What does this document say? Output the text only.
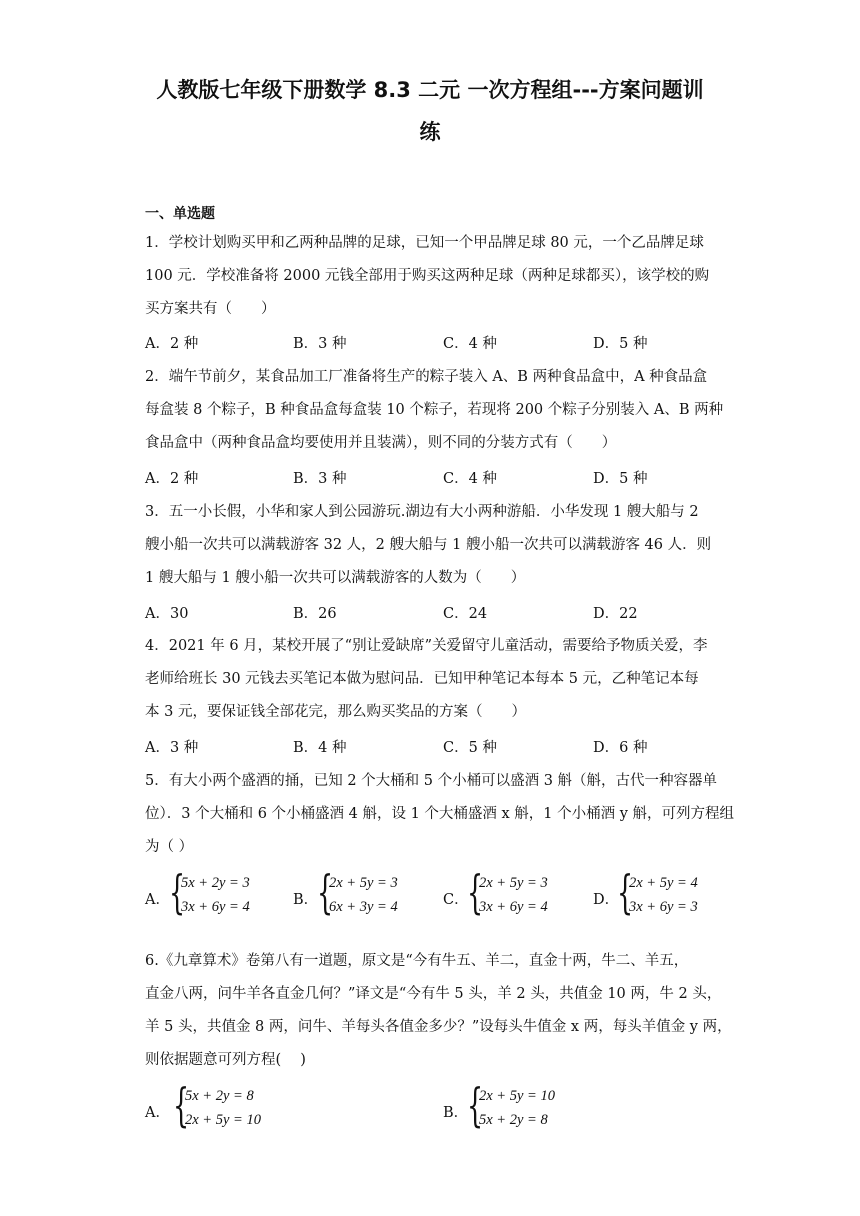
人教版七年级下册数学 8.3 二元 一次方程组---方案问题训
练
一、单选题
1．学校计划购买甲和乙两种品牌的足球，已知一个甲品牌足球 80 元，一个乙品牌足球
100 元．学校准备将 2000 元钱全部用于购买这两种足球（两种足球都买），该学校的购
买方案共有（　　）
A．2 种	B．3 种	C．4 种	D．5 种
2．端午节前夕，某食品加工厂准备将生产的粽子装入 A、B 两种食品盒中，A 种食品盒
每盒装 8 个粽子，B 种食品盒每盒装 10 个粽子，若现将 200 个粽子分别装入 A、B 两种
食品盒中（两种食品盒均要使用并且装满），则不同的分装方式有（　　）
A．2 种	B．3 种	C．4 种	D．5 种
3．五一小长假，小华和家人到公园游玩.湖边有大小两种游船．小华发现 1 艘大船与 2
艘小船一次共可以满载游客 32 人，2 艘大船与 1 艘小船一次共可以满载游客 46 人．则
1 艘大船与 1 艘小船一次共可以满载游客的人数为（　　）
A．30	B．26	C．24	D．22
4．2021 年 6 月，某校开展了“别让爱缺席”关爱留守儿童活动，需要给予物质关爱，李
老师给班长 30 元钱去买笔记本做为慰问品．已知甲种笔记本每本 5 元，乙种笔记本每
本 3 元，要保证钱全部花完，那么购买奖品的方案（　　）
A．3 种	B．4 种	C．5 种	D．6 种
5．有大小两个盛酒的捅，已知 2 个大桶和 5 个小桶可以盛酒 3 斛（斛，古代一种容器单
位）．3 个大桶和 6 个小桶盛酒 4 斛，设 1 个大桶盛酒 x 斛，1 个小桶酒 y 斛，可列方程组
为（ ）
A． {
5x + 2y = 3
3x + 6y = 4	B．
{
2x + 5y = 3
6x + 3y = 4	C．
{
2x + 5y = 3
3x + 6y = 4	D．
{
2x + 5y = 4
3x + 6y = 3
6.《九章算术》卷第八有一道题，原文是“今有牛五、羊二，直金十两，牛二、羊五，
直金八两，问牛羊各直金几何？”译文是“今有牛 5 头，羊 2 头，共值金 10 两，牛 2 头，
羊 5 头，共值金 8 两，问牛、羊每头各值金多少？”设每头牛值金 x 两，每头羊值金 y 两，
则依据题意可列方程(　 )
A． {
5x + 2y = 8
2x + 5y = 10	B．
{
2x + 5y = 10
5x + 2y = 8
